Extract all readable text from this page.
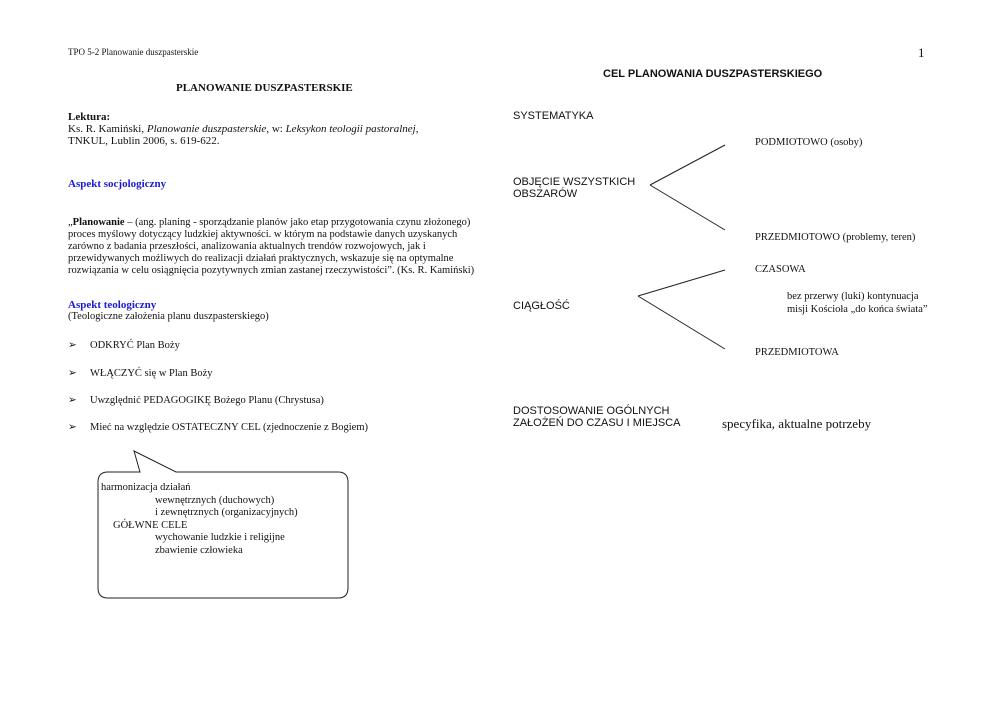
TPO 5-2 Planowanie duszpasterskie	1
PLANOWANIE DUSZPASTERSKIE
Lektura:
Ks. R. Kamiński, Planowanie duszpasterskie, w: Leksykon teologii pastoralnej,
TNKUL, Lublin 2006, s. 619-622.
Aspekt socjologiczny
„Planowanie – (ang. planing - sporządzanie planów jako etap przygotowania czynu złożonego) proces myślowy dotyczący ludzkiej aktywności. w którym na podstawie danych uzyskanych zarówno z badania przeszłości, analizowania aktualnych trendów rozwojowych, jak i przewidywanych możliwych do realizacji działań praktycznych, wskazuje się na optymalne rozwiązania w celu osiągnięcia pozytywnych zmian zastanej rzeczywistości”. (Ks. R. Kamiński)
Aspekt teologiczny
(Teologiczne założenia planu duszpasterskiego)
➢ ODKRYĆ Plan Boży
➢ WŁĄCZYĆ się w Plan Boży
➢ Uwzględnić PEDAGOGIKĘ Bożego Planu (Chrystusa)
➢ Mieć na względzie OSTATECZNY CEL (zjednoczenie z Bogiem)
harmonizacja działań
wewnętrznych (duchowych)
i zewnętrznych (organizacyjnych)
GÓŁWNE CELE
wychowanie ludzkie i religijne
zbawienie człowieka
CEL PLANOWANIA DUSZPASTERSKIEGO
SYSTEMATYKA
OBJĘCIE WSZYSTKICH
OBSZARÓW
PODMIOTOWO (osoby)
PRZEDMIOTOWO (problemy, teren)
CZASOWA
bez przerwy (luki) kontynuacja
misji Kościoła „do końca świata”
CIĄGŁOŚĆ
PRZEDMIOTOWA
DOSTOSOWANIE OGÓLNYCH
ZAŁOŻEŃ DO CZASU I MIEJSCA	specyfika, aktualne potrzeby
